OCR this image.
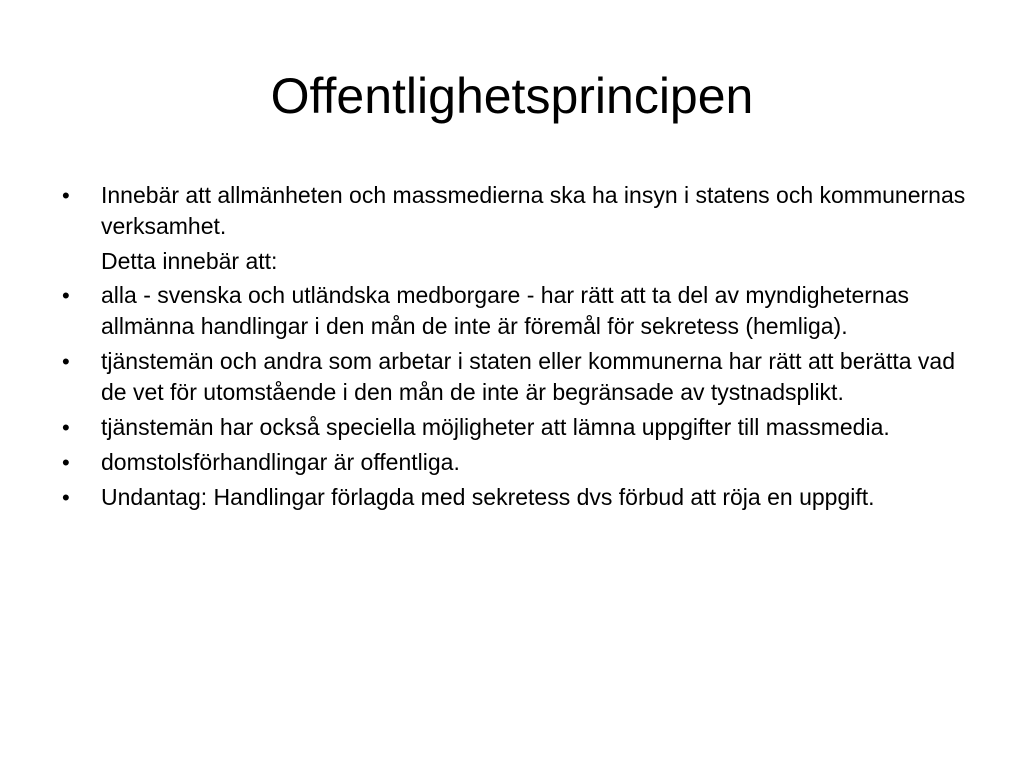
Offentlighetsprincipen
• Innebär att allmänheten och massmedierna ska ha insyn i statens och kommunernas verksamhet.
Detta innebär att:
• alla - svenska och utländska medborgare - har rätt att ta del av myndigheternas allmänna handlingar i den mån de inte är föremål för sekretess (hemliga).
• tjänstemän och andra som arbetar i staten eller kommunerna har rätt att berätta vad de vet för utomstående i den mån de inte är begränsade av tystnadsplikt.
• tjänstemän har också speciella möjligheter att lämna uppgifter till massmedia.
• domstolsförhandlingar är offentliga.
• Undantag: Handlingar förlagda med sekretess dvs förbud att röja en uppgift.
